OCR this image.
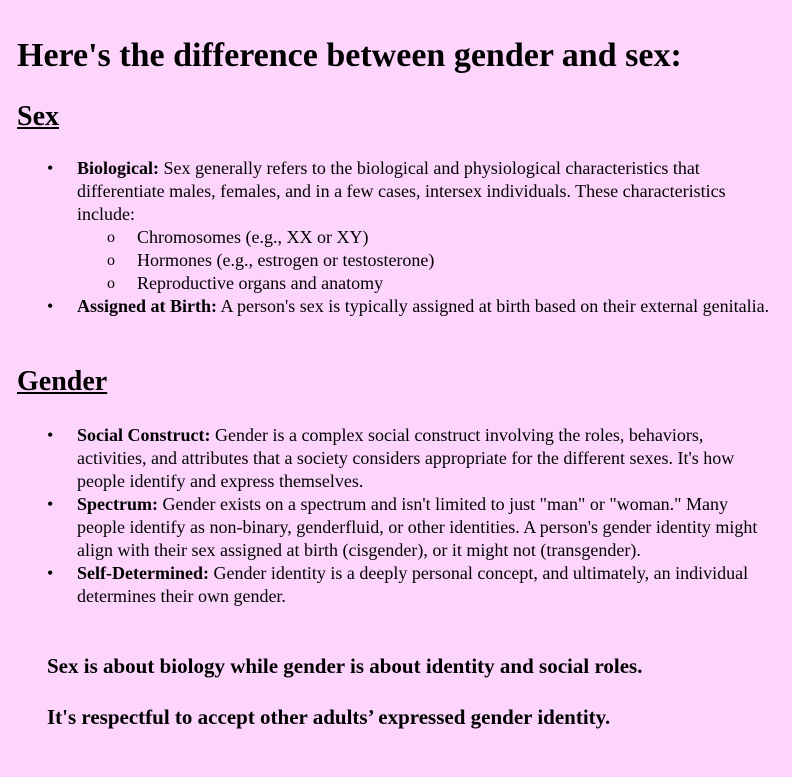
Here's the difference between gender and sex:
Sex
• Biological: Sex generally refers to the biological and physiological characteristics that differentiate males, females, and in a few cases, intersex individuals. These characteristics include:
o Chromosomes (e.g., XX or XY)
o Hormones (e.g., estrogen or testosterone)
o Reproductive organs and anatomy
• Assigned at Birth: A person's sex is typically assigned at birth based on their external genitalia.
Gender
• Social Construct: Gender is a complex social construct involving the roles, behaviors, activities, and attributes that a society considers appropriate for the different sexes. It's how people identify and express themselves.
• Spectrum: Gender exists on a spectrum and isn't limited to just "man" or "woman." Many people identify as non-binary, genderfluid, or other identities. A person's gender identity might align with their sex assigned at birth (cisgender), or it might not (transgender).
• Self-Determined: Gender identity is a deeply personal concept, and ultimately, an individual determines their own gender.

Sex is about biology while gender is about identity and social roles.

It's respectful to accept other adults’ expressed gender identity.
